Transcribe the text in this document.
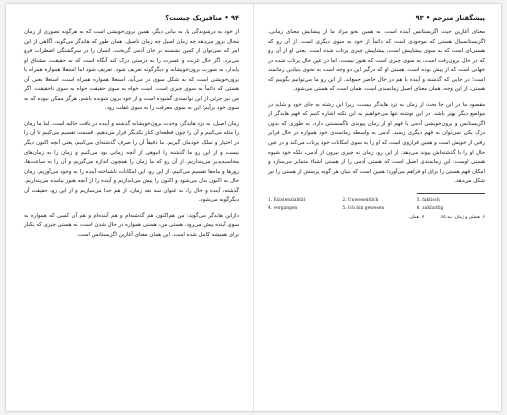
۹۴ • متافیزیک چیست؟

از خود به درشوندگی یا، به بیانی دیگر، همین برون‌خویشی است که به هرگونه تصوری از زمان مجال بروز می‌دهد چه زمان اصیل چه زمان ناصیل. همان طور که هایدگر می‌گوید، آگاهی از این امر که نمی‌توان از کمین نشسته بر جان آدمی گریخت، انسان را در سرگشتگی اضطراب فرو می‌برد. اگر حال غربت و عسرت را به درستی درک کند آنگاه است که به حقیقت، مشتاق او پایدار، به صورت برون‌خویشانه و دیگرگونه تعریف شود. تعریف شود اما استعلا همواره همراه با برون‌خویشی است که به شکل سوی در می‌آید. استعلا همواره همراه است، استعلا یعنی آن هستی که دائماً به سوی چیزی است. است خواه به سوی حقیقت خواه به سوی ناحقیقت. اگر من نیز جزئی از این توانمندی گشوده است و از خود برون شونده باشم، هرگز ممکن نبوده که به سوی خود برآیم؛ این به سوی معرفت را به سوی غفلت رود.

زمان اصیل، به نزد هایدگر، وحدت برون‌خویشانه گذشته و آینده در یافت حالیه است. اما ما زمان را مثله می‌کنیم و آن را چون قطعه‌ای کنار یکدیگر قرار می‌دهیم. قسمت تقسیم می‌کنیم تا آن را در اختیار و تملک خودمان گیریم. ما دقیقاً آن را صرف گذشته‌ای می‌کنیم، یعنی آنچه اکنون دیگر نیست و از این رو ما گذشته را انبوهی از آنچه زمانی بود می‌کنیم و زمان را به زمان‌های محاسبه‌پذیر می‌پنداریم. از آن رو که ما زمان را همچون اندازه می‌گیریم و آن را به ساعت‌ها، روزها و ماه‌ها تقسیم می‌کنیم، از این رو، این امکانات ناشناخته آینده را به وجود می‌آوریم. زمان حال به اکنون بدل می‌شود و اکنون را پیش می‌اندازیم و آینده را از آنچه هنوز نیامده می‌پنداریم. گذشته، آینده و حال را، به عنوان سه بعد زمان، از هم جدا می‌سازیم و از این رو، حقیقت آن دیگرگونه می‌شود.

دازاین هایدگر می‌گوید: من هم‌اکنون هم گذشته‌ام و هم آینده‌ام و هم آن کسی که همواره به سوی آینده پیش می‌رود. هستی من، هستی همواره در حال شدن است، نه هستی چیزی که یکبار برای همیشه کامل شده است. این همان معنای آغازین اگزیستانس است.

پیشگفتار مترجم • ۹۳

معنای آغازین حیث اگزیستانس آینده است. به همین نحو مراد ما از پیشایش معنای زمانی، اگزیستانسیال هستی که موجودی است که دائماً از خود به سوی دیگری است. از آن رو که هستی‌ای است که به سوی پیشاپیش است، پیشاپیش چیزی پرتاب شده است. یعنی او از آن رو که در حال برون‌رفت است، به سوی چیزی است که هنوز نیست، اما در عین حال پرتاب شده در جهانی است که از پیش بوده است. هستی او که درگیر این دو وجه است به نحوی بنیادین زمانمند است؛ در جایی که گذشته و آینده با هم در حال حاضر جمع‌اند. از این رو ما می‌توانیم بگوییم که هستی، از این وجه، همان معنای اصیل زمانمندی است. همان است که هستی می‌شود.

مقصود ما در این جا بحث از زمان به نزد هایدگر نیست، زیرا این رشته به جای خود و شاید در مواضع دیگر بهتر باشد. در این نوشته تنها می‌خواهیم به این نکته اشاره کنیم که فهم هایدگر از اگزیستانس و برون‌خویشی آدمی با فهم او از زمان پیوندی ناگسستنی دارد، به طوری که بدون درک یکی نمی‌توان به فهم دیگری رسید. آدمی به واسطه زمانمندی خود همواره در حال فراتر رفتن از خویش است و همین فراروی است که او را به سوی امکانات خود پرتاب می‌کند و در عین حال او را با گذشته‌اش پیوند می‌دهد. از این رو، زمان نه چیزی بیرون از آدمی، بلکه خود شیوه هستی اوست. این زمانمندی اصیل است که هستی آدمی را از هستی اشیاء متمایز می‌سازد و امکان فهم هستی را برای او فراهم می‌آورد؛ همین است که بنیان هر گونه پرسش از هستی را نیز شکل می‌دهد.

1. Existenzialität	2. Unwesentlich	3. faktisch
4. vergangen	5. Ich bin gewesen	6. zukünftig
۶. هستی و زمان، بند ۶۵. ۷. همان.
